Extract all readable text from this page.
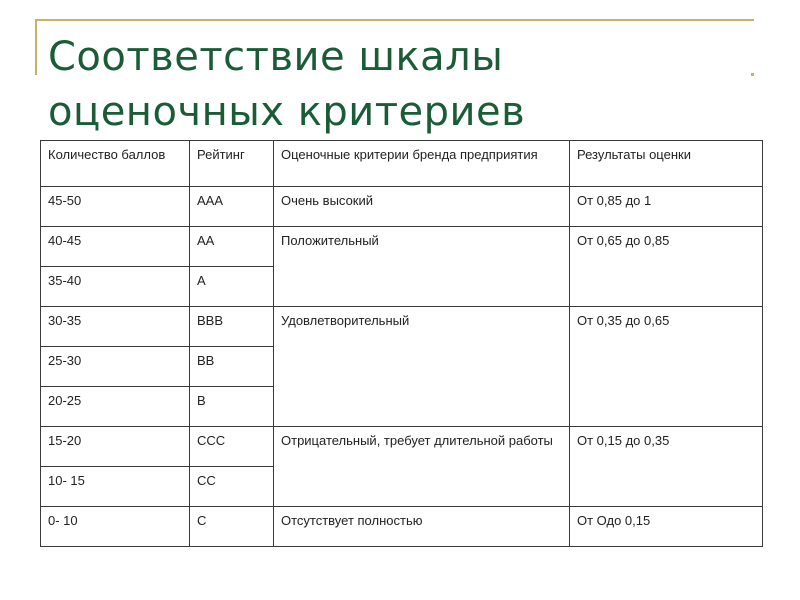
Соответствие шкалы
оценочных критериев
Количество баллов	Рейтинг	Оценочные критерии бренда предприятия	Результаты оценки
45-50	AAA	Очень высокий	От 0,85 до 1
40-45	AA	Положительный	От 0,65 до 0,85
35-40	A		
30-35	BBB	Удовлетворительный	От 0,35 до 0,65
25-30	BB		
20-25	B		
15-20	CCC	Отрицательный, требует длительной работы	От 0,15 до 0,35
10- 15	CC		
0- 10	C	Отсутствует полностью	От Одо 0,15
